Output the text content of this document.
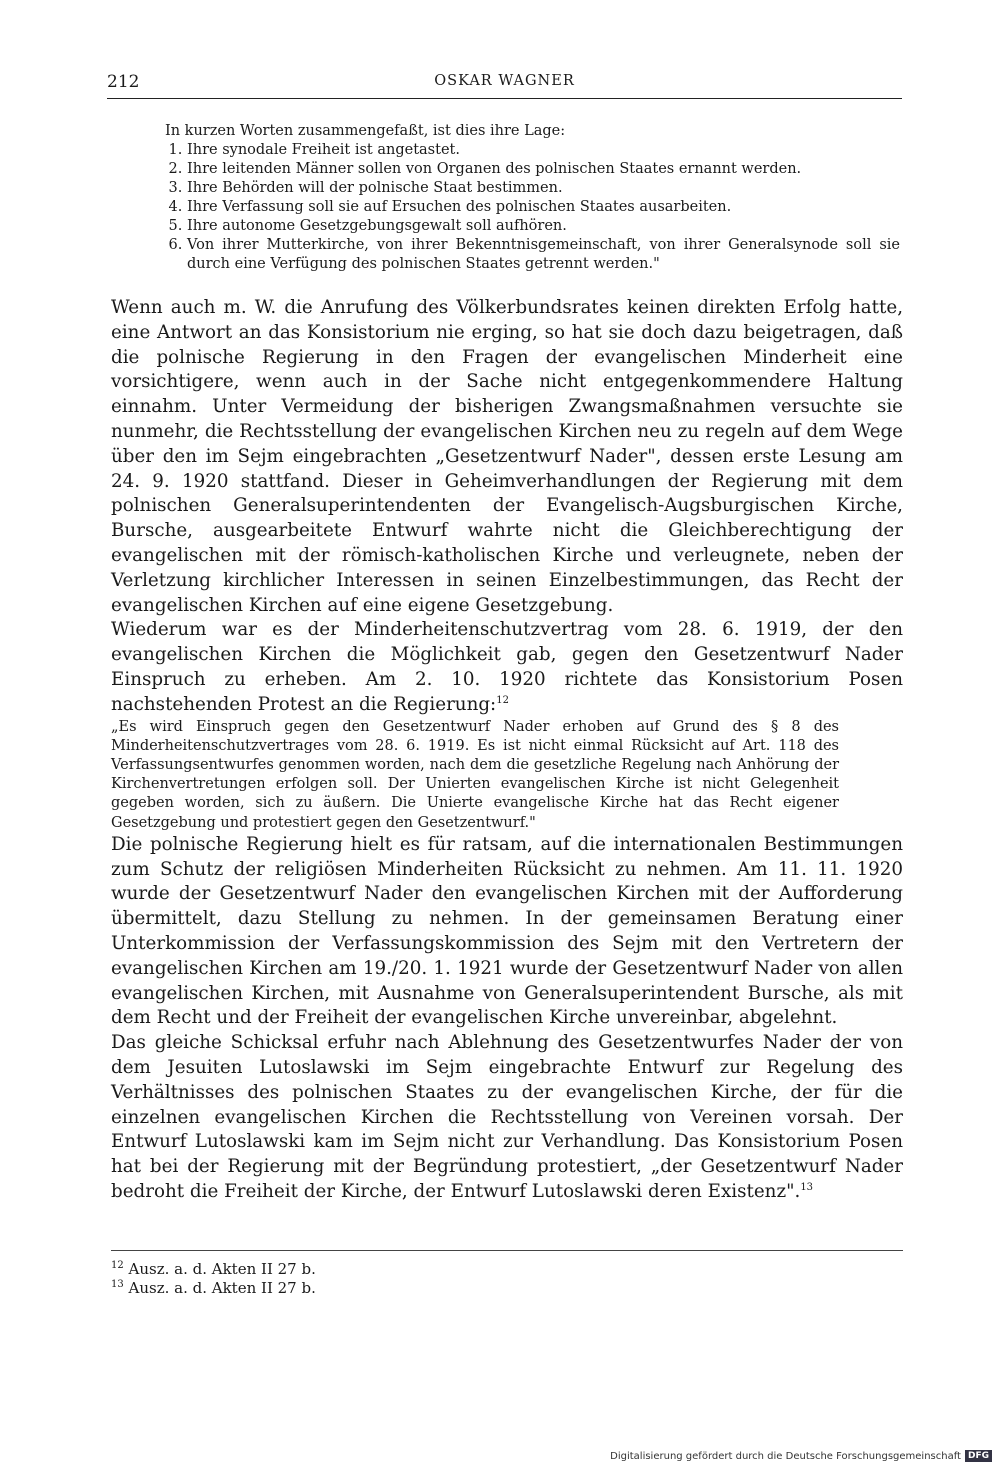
212	OSKAR WAGNER
In kurzen Worten zusammengefaßt, ist dies ihre Lage:
1. Ihre synodale Freiheit ist angetastet.
2. Ihre leitenden Männer sollen von Organen des polnischen Staates ernannt werden.
3. Ihre Behörden will der polnische Staat bestimmen.
4. Ihre Verfassung soll sie auf Ersuchen des polnischen Staates ausarbeiten.
5. Ihre autonome Gesetzgebungsgewalt soll aufhören.
6. Von ihrer Mutterkirche, von ihrer Bekenntnisgemeinschaft, von ihrer Generalsynode soll sie durch eine Verfügung des polnischen Staates getrennt werden."

Wenn auch m. W. die Anrufung des Völkerbundsrates keinen direkten Erfolg hatte, eine Antwort an das Konsistorium nie erging, so hat sie doch dazu beigetragen, daß die polnische Regierung in den Fragen der evangelischen Minderheit eine vorsichtigere, wenn auch in der Sache nicht entgegenkommendere Haltung einnahm. Unter Vermeidung der bisherigen Zwangsmaßnahmen versuchte sie nunmehr, die Rechtsstellung der evangelischen Kirchen neu zu regeln auf dem Wege über den im Sejm eingebrachten „Gesetzentwurf Nader", dessen erste Lesung am 24. 9. 1920 stattfand. Dieser in Geheimverhandlungen der Regierung mit dem polnischen Generalsuperintendenten der Evangelisch-Augsburgischen Kirche, Bursche, ausgearbeitete Entwurf wahrte nicht die Gleichberechtigung der evangelischen mit der römisch-katholischen Kirche und verleugnete, neben der Verletzung kirchlicher Interessen in seinen Einzelbestimmungen, das Recht der evangelischen Kirchen auf eine eigene Gesetzgebung.

Wiederum war es der Minderheitenschutzvertrag vom 28. 6. 1919, der den evangelischen Kirchen die Möglichkeit gab, gegen den Gesetzentwurf Nader Einspruch zu erheben. Am 2. 10. 1920 richtete das Konsistorium Posen nachstehenden Protest an die Regierung:$^{12}$

„Es wird Einspruch gegen den Gesetzentwurf Nader erhoben auf Grund des § 8 des Minderheitenschutzvertrages vom 28. 6. 1919. Es ist nicht einmal Rücksicht auf Art. 118 des Verfassungsentwurfes genommen worden, nach dem die gesetzliche Regelung nach Anhörung der Kirchenvertretungen erfolgen soll. Der Unierten evangelischen Kirche ist nicht Gelegenheit gegeben worden, sich zu äußern. Die Unierte evangelische Kirche hat das Recht eigener Gesetzgebung und protestiert gegen den Gesetzentwurf."

Die polnische Regierung hielt es für ratsam, auf die internationalen Bestimmungen zum Schutz der religiösen Minderheiten Rücksicht zu nehmen. Am 11. 11. 1920 wurde der Gesetzentwurf Nader den evangelischen Kirchen mit der Aufforderung übermittelt, dazu Stellung zu nehmen. In der gemeinsamen Beratung einer Unterkommission der Verfassungskommission des Sejm mit den Vertretern der evangelischen Kirchen am 19./20. 1. 1921 wurde der Gesetzentwurf Nader von allen evangelischen Kirchen, mit Ausnahme von Generalsuperintendent Bursche, als mit dem Recht und der Freiheit der evangelischen Kirche unvereinbar, abgelehnt.

Das gleiche Schicksal erfuhr nach Ablehnung des Gesetzentwurfes Nader der von dem Jesuiten Lutoslawski im Sejm eingebrachte Entwurf zur Regelung des Verhältnisses des polnischen Staates zu der evangelischen Kirche, der für die einzelnen evangelischen Kirchen die Rechtsstellung von Vereinen vorsah. Der Entwurf Lutoslawski kam im Sejm nicht zur Verhandlung. Das Konsistorium Posen hat bei der Regierung mit der Begründung protestiert, „der Gesetzentwurf Nader bedroht die Freiheit der Kirche, der Entwurf Lutoslawski deren Existenz".$^{13}$

$^{12}$ Ausz. a. d. Akten II 27 b.

$^{13}$ Ausz. a. d. Akten II 27 b.

Digitalisierung gefördert durch die Deutsche Forschungsgemeinschaft DFG
